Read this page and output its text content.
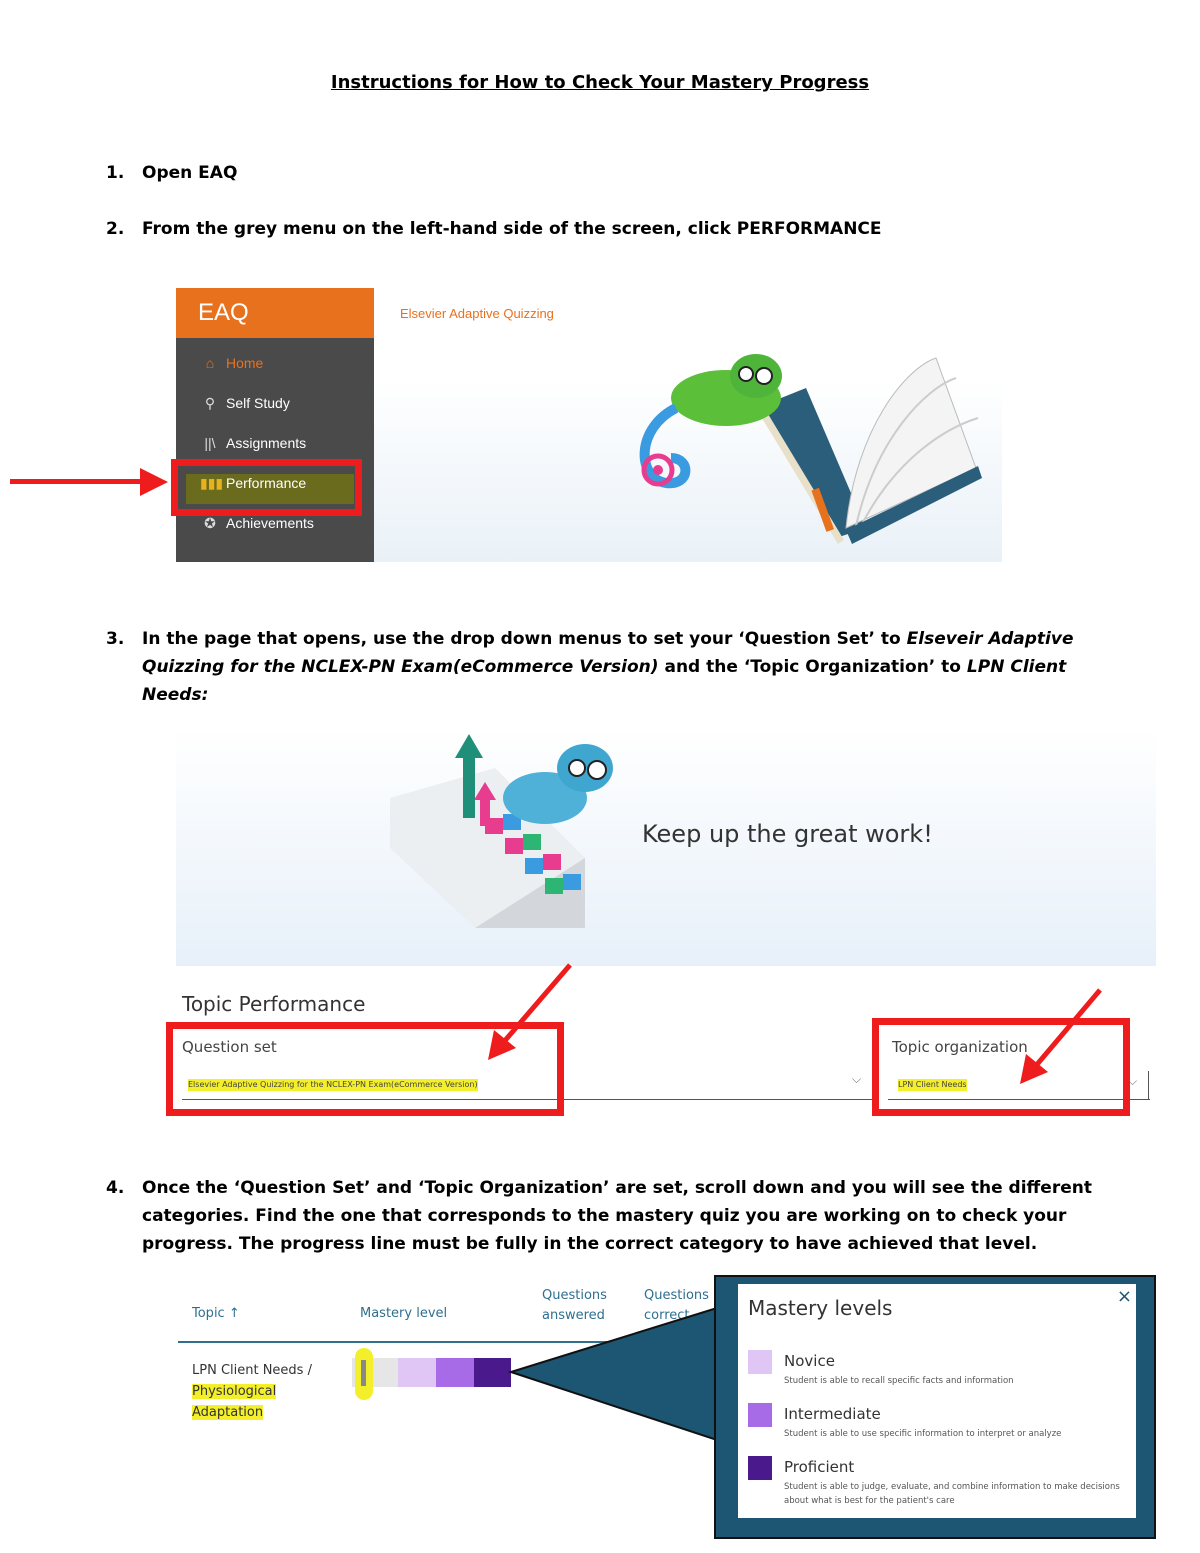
Instructions for How to Check Your Mastery Progress
1. Open EAQ
2. From the grey menu on the left-hand side of the screen, click PERFORMANCE
Elsevier Adaptive Quizzing
EAQ
⌂ Home
⚲ Self Study
||\ Assignments
▮▮▮ Performance
✪ Achievements
3. In the page that opens, use the drop down menus to set your ‘Question Set’ to Elseveir Adaptive Quizzing for the NCLEX-PN Exam(eCommerce Version) and the ‘Topic Organization’ to LPN Client Needs:
Keep up the great work!
Topic Performance
Question set
Elsevier Adaptive Quizzing for the NCLEX-PN Exam(eCommerce Version)	⌵
Topic organization
LPN Client Needs	⌵
4. Once the ‘Question Set’ and ‘Topic Organization’ are set, scroll down and you will see the different categories. Find the one that corresponds to the mastery quiz you are working on to check your progress. The progress line must be fully in the correct category to have achieved that level.
Topic ↑	Mastery level
Questions
answered
Questions
correct
LPN Client Needs /
Physiological
Adaptation
Mastery levels	×
Novice
Student is able to recall specific facts and information
Intermediate
Student is able to use specific information to interpret or analyze
Proficient
Student is able to judge, evaluate, and combine information to make decisions about what is best for the patient's care
